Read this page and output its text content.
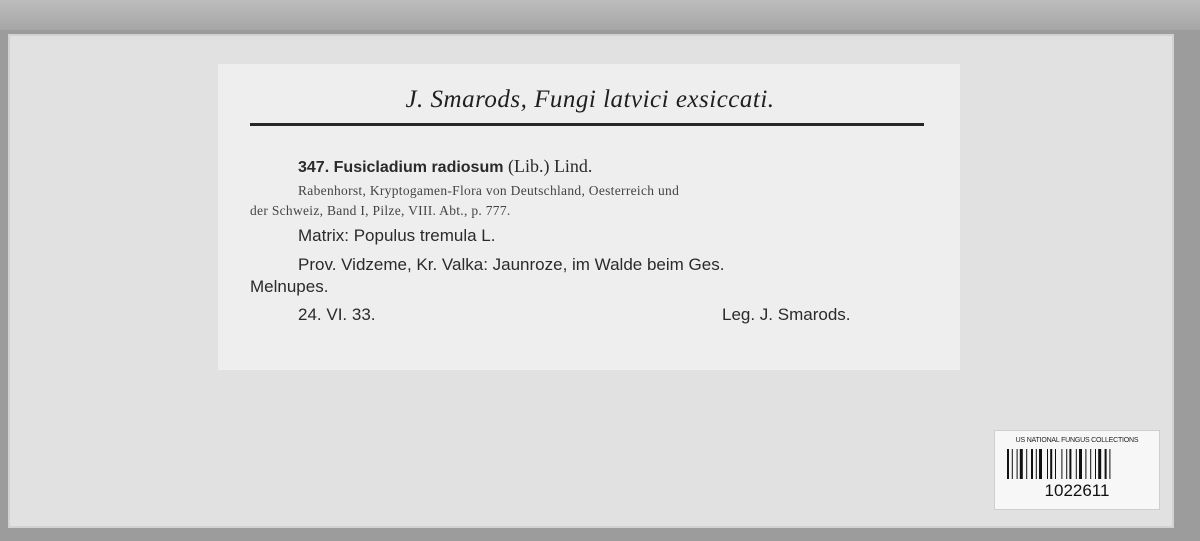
J. Smarods, Fungi latvici exsiccati.
347. Fusicladium radiosum (Lib.) Lind.
Rabenhorst, Kryptogamen-Flora von Deutschland, Oesterreich und
der Schweiz, Band I, Pilze, VIII. Abt., p. 777.
Matrix: Populus tremula L.
Prov. Vidzeme, Kr. Valka: Jaunroze, im Walde beim Ges.
Melnupes.
24. VI. 33.	Leg. J. Smarods.
US NATIONAL FUNGUS COLLECTIONS
1022611
